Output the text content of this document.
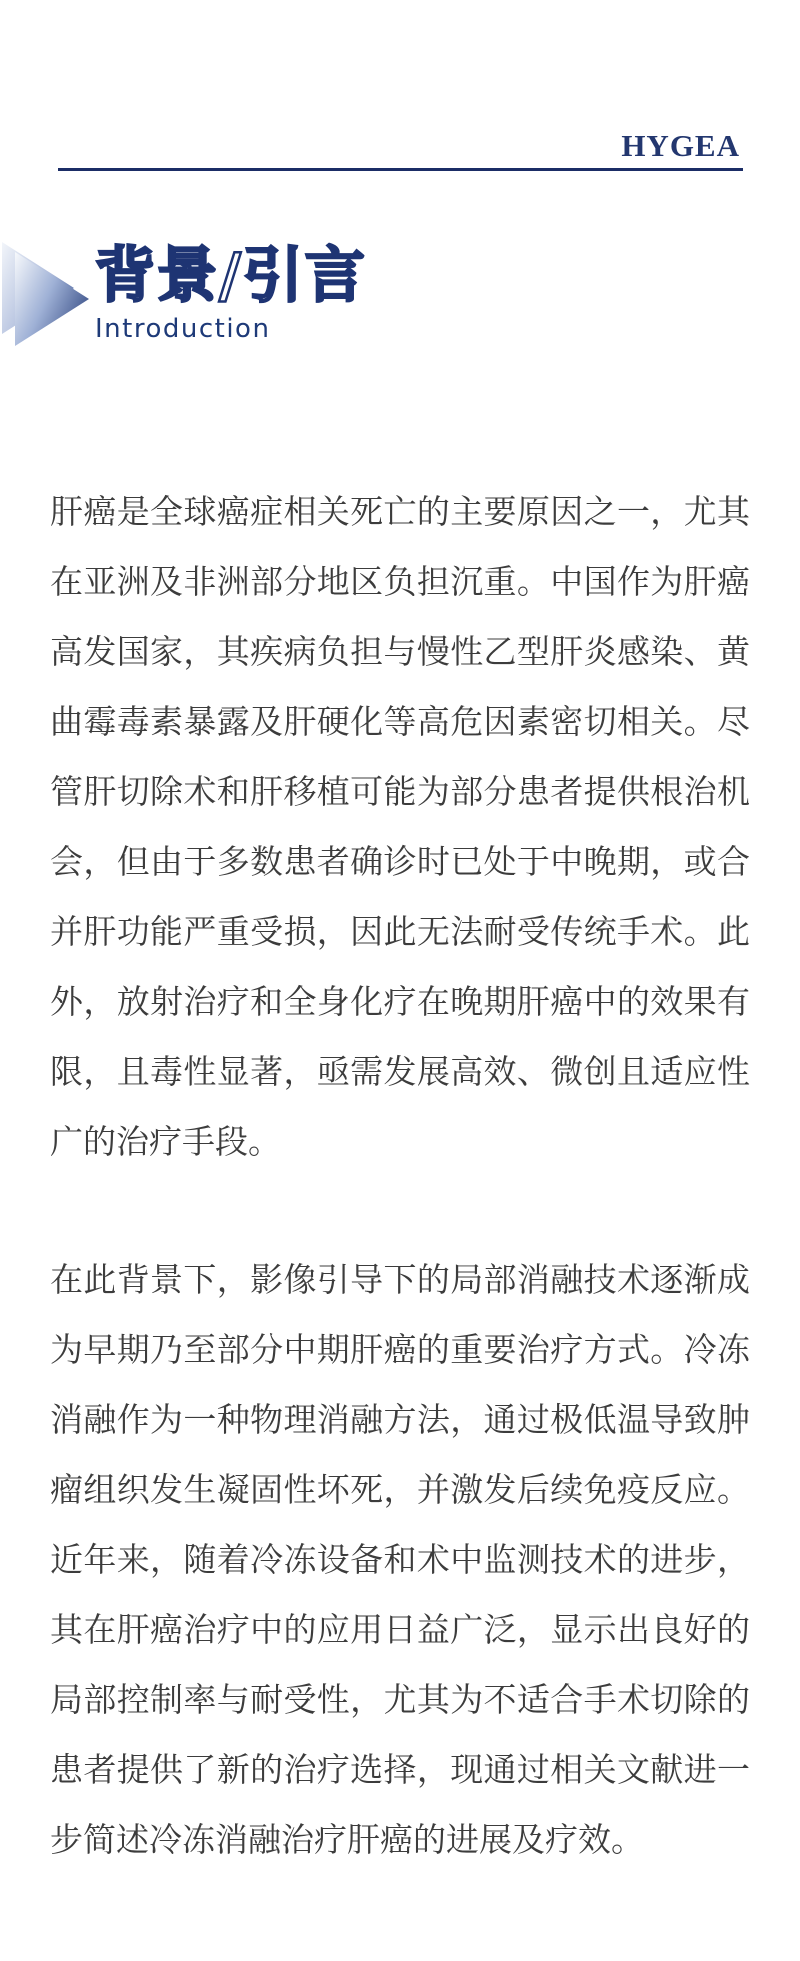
HYGEA
背景/引言
Introduction

肝癌是全球癌症相关死亡的主要原因之一，尤其在亚洲及非洲部分地区负担沉重。中国作为肝癌高发国家，其疾病负担与慢性乙型肝炎感染、黄曲霉毒素暴露及肝硬化等高危因素密切相关。尽管肝切除术和肝移植可能为部分患者提供根治机会，但由于多数患者确诊时已处于中晚期，或合并肝功能严重受损，因此无法耐受传统手术。此外，放射治疗和全身化疗在晚期肝癌中的效果有限，且毒性显著，亟需发展高效、微创且适应性广的治疗手段。

在此背景下，影像引导下的局部消融技术逐渐成为早期乃至部分中期肝癌的重要治疗方式。冷冻消融作为一种物理消融方法，通过极低温导致肿瘤组织发生凝固性坏死，并激发后续免疫反应。近年来，随着冷冻设备和术中监测技术的进步，其在肝癌治疗中的应用日益广泛，显示出良好的局部控制率与耐受性，尤其为不适合手术切除的患者提供了新的治疗选择，现通过相关文献进一步简述冷冻消融治疗肝癌的进展及疗效。
